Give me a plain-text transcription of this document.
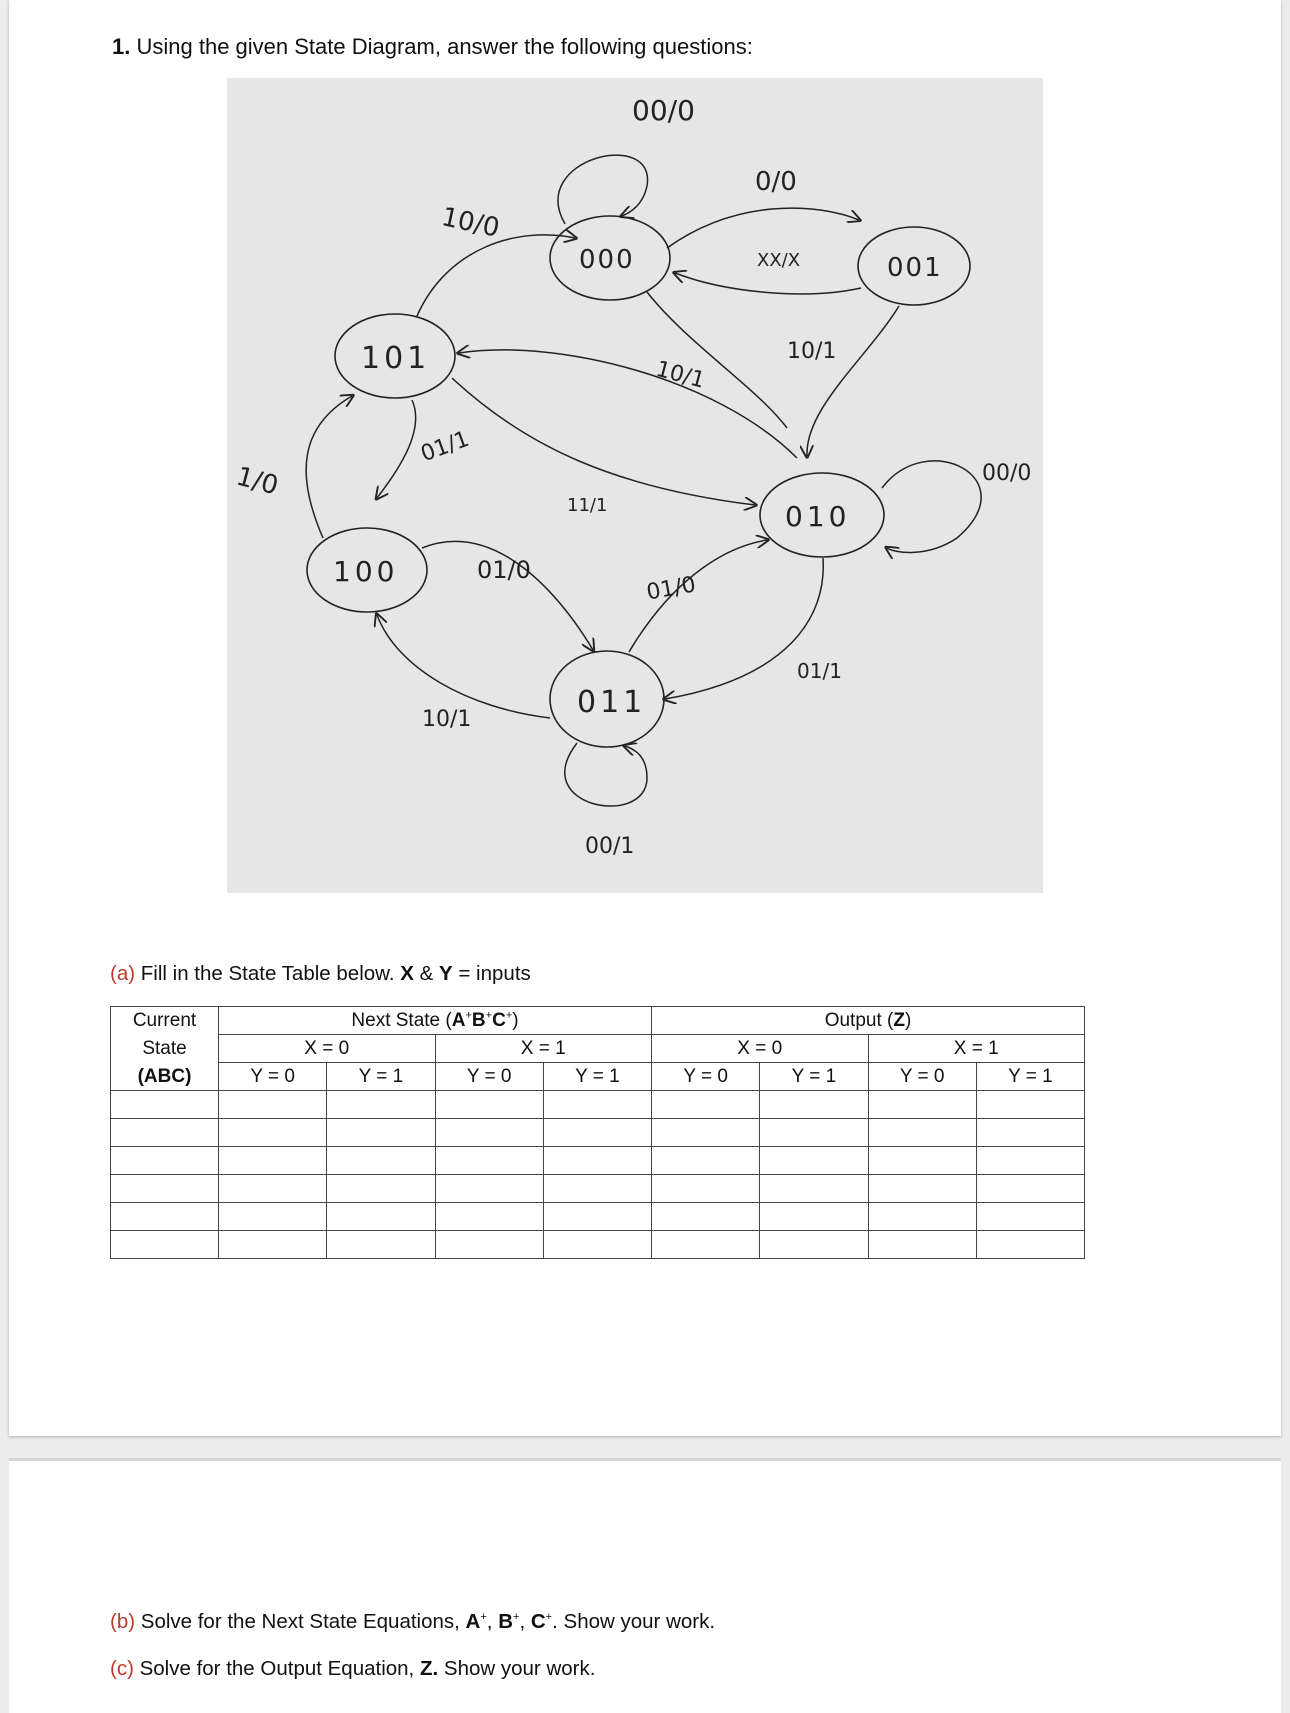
1. Using the given State Diagram, answer the following questions:
000	001
101
010
100
011
00/0
0/0
XX/X
10/0
10/1
10/1
01/1
1/0
11/1
00/0
01/0
01/0
01/1
10/1
00/1
(a) Fill in the State Table below. X & Y = inputs
Current	Next State (A+B+C+)				Output (Z)			
State	X = 0		X = 1		X = 0		X = 1	
(ABC)	Y = 0	Y = 1	Y = 0	Y = 1	Y = 0	Y = 1	Y = 0	Y = 1

(b) Solve for the Next State Equations, A+, B+, C+. Show your work.
(c) Solve for the Output Equation, Z. Show your work.
